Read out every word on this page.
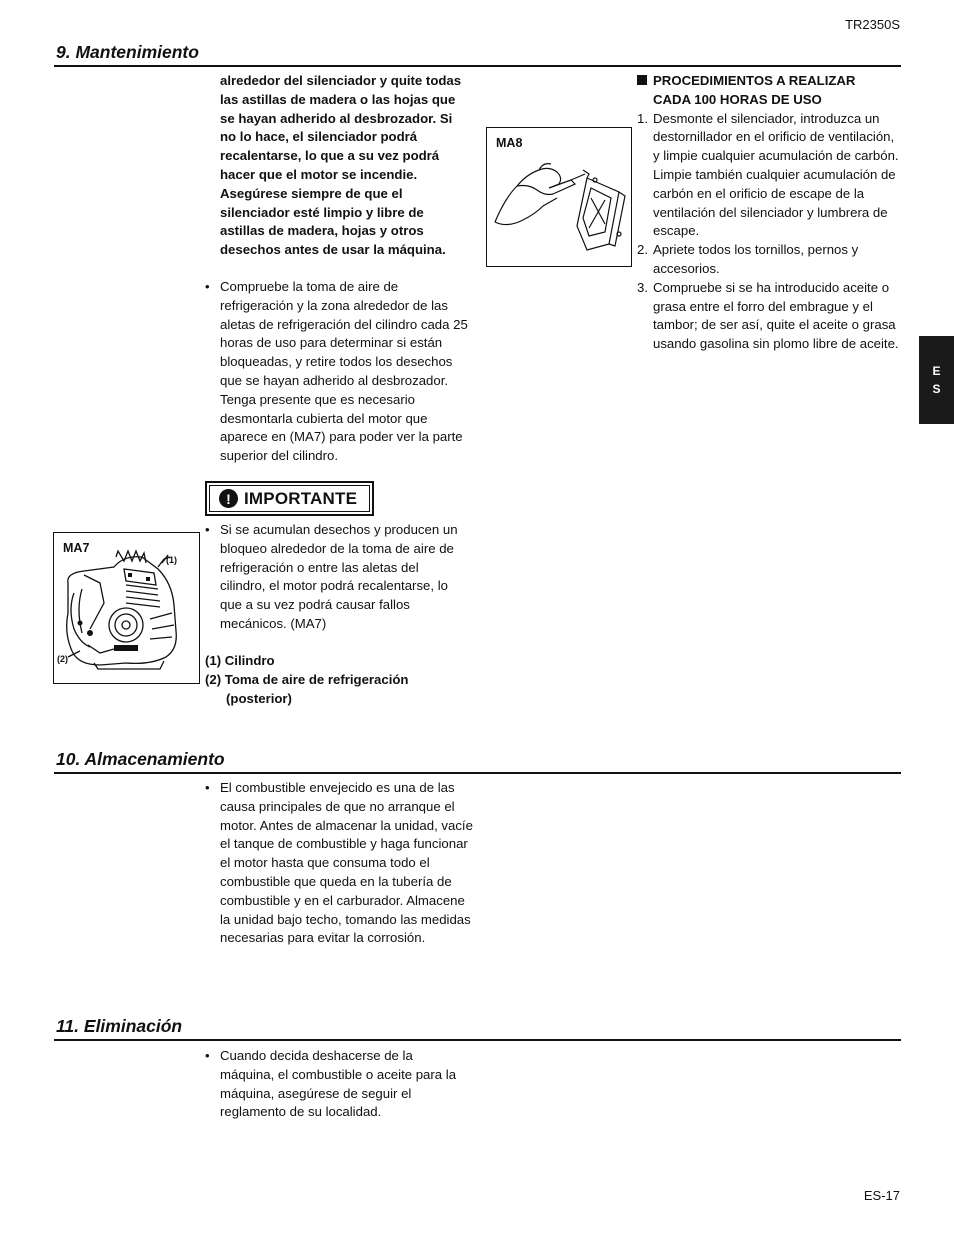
TR2350S
9. Mantenimiento

alrededor del silenciador y quite todas las astillas de madera o las hojas que se hayan adherido al desbrozador. Si no lo hace, el silenciador podrá recalentarse, lo que a su vez podrá hacer que el motor se incendie. Asegúrese siempre de que el silenciador esté limpio y libre de astillas de madera, hojas y otros desechos antes de usar la máquina.

• Compruebe la toma de aire de refrigeración y la zona alrededor de las aletas de refrigeración del cilindro cada 25 horas de uso para determinar si están bloqueadas, y retire todos los desechos que se hayan adherido al desbrozador. Tenga presente que es necesario desmontarla cubierta del motor que aparece en (MA7) para poder ver la parte superior del cilindro.
! IMPORTANTE
• Si se acumulan desechos y producen un bloqueo alrededor de la toma de aire de refrigeración o entre las aletas del cilindro, el motor podrá recalentarse, lo que a su vez podrá causar fallos mecánicos. (MA7)
(1) Cilindro
(2) Toma de aire de refrigeración
(posterior)
MA7
(1)
(2)
MA8
PROCEDIMIENTOS A REALIZAR
CADA 100 HORAS DE USO
1. Desmonte el silenciador, introduzca un destornillador en el orificio de ventilación, y limpie cualquier acumulación de carbón. Limpie también cualquier acumulación de carbón en el orificio de escape de la ventilación del silenciador y lumbrera de escape.
2. Apriete todos los tornillos, pernos y accesorios.
3. Compruebe si se ha introducido aceite o grasa entre el forro del embrague y el tambor; de ser así, quite el aceite o grasa usando gasolina sin plomo libre de aceite.
E
S
10. Almacenamiento
• El combustible envejecido es una de las causa principales de que no arranque el motor. Antes de almacenar la unidad, vacíe el tanque de combustible y haga funcionar el motor hasta que consuma todo el combustible que queda en la tubería de combustible y en el carburador. Almacene la unidad bajo techo, tomando las medidas necesarias para evitar la corrosión.
11. Eliminación
• Cuando decida deshacerse de la máquina, el combustible o aceite para la máquina, asegúrese de seguir el reglamento de su localidad.
ES-17
